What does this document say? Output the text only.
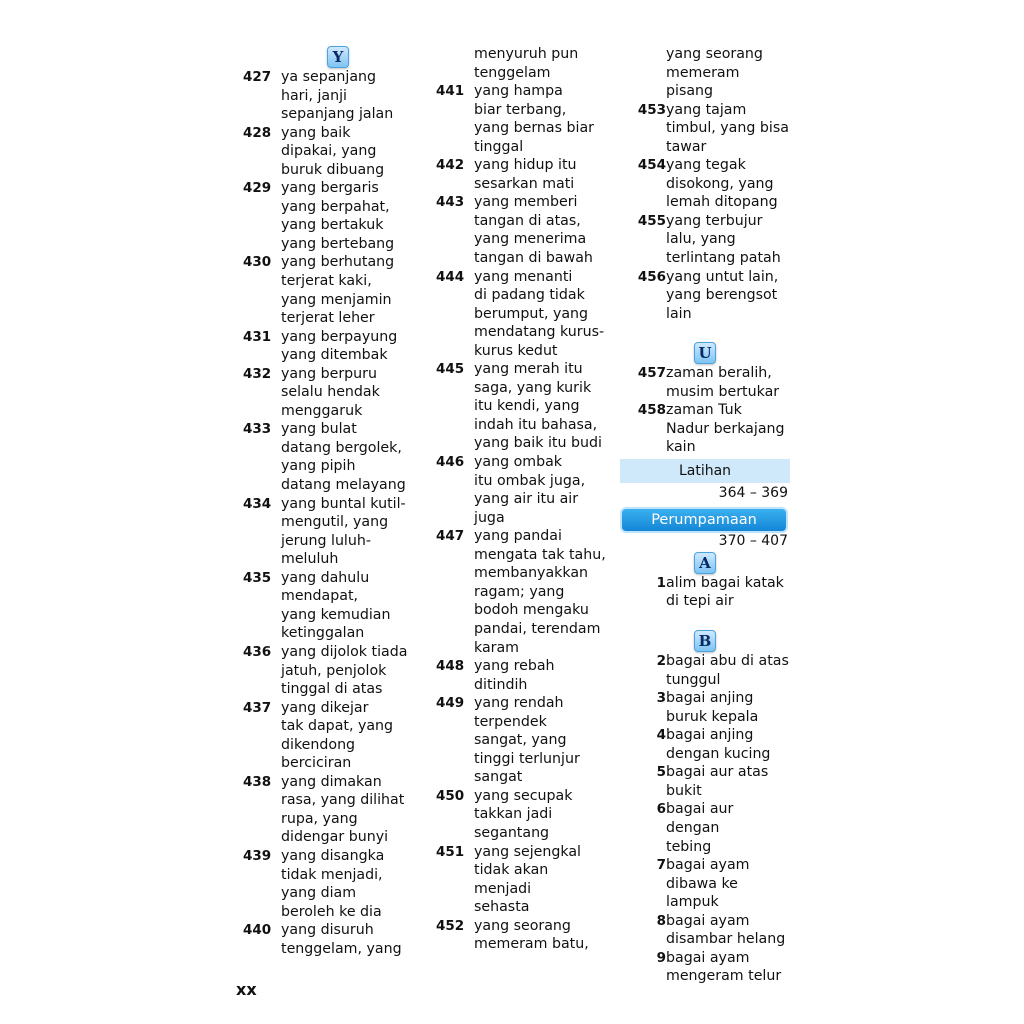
Y
427 ya sepanjang
hari, janji
sepanjang jalan
428 yang baik
dipakai, yang
buruk dibuang
429 yang bergaris
yang berpahat,
yang bertakuk
yang bertebang
430 yang berhutang
terjerat kaki,
yang menjamin
terjerat leher
431 yang berpayung
yang ditembak
432 yang berpuru
selalu hendak
menggaruk
433 yang bulat
datang bergolek,
yang pipih
datang melayang
434 yang buntal kutil-
mengutil, yang
jerung luluh-
meluluh
435 yang dahulu
mendapat,
yang kemudian
ketinggalan
436 yang dijolok tiada
jatuh, penjolok
tinggal di atas
437 yang dikejar
tak dapat, yang
dikendong
berciciran
438 yang dimakan
rasa, yang dilihat
rupa, yang
didengar bunyi
439 yang disangka
tidak menjadi,
yang diam
beroleh ke dia
440 yang disuruh
tenggelam, yang
menyuruh pun
tenggelam
441 yang hampa
biar terbang,
yang bernas biar
tinggal
442 yang hidup itu
sesarkan mati
443 yang memberi
tangan di atas,
yang menerima
tangan di bawah
444 yang menanti
di padang tidak
berumput, yang
mendatang kurus-
kurus kedut
445 yang merah itu
saga, yang kurik
itu kendi, yang
indah itu bahasa,
yang baik itu budi
446 yang ombak
itu ombak juga,
yang air itu air
juga
447 yang pandai
mengata tak tahu,
membanyakkan
ragam; yang
bodoh mengaku
pandai, terendam
karam
448 yang rebah
ditindih
449 yang rendah
terpendek
sangat, yang
tinggi terlunjur
sangat
450 yang secupak
takkan jadi
segantang
451 yang sejengkal
tidak akan
menjadi
sehasta
452 yang seorang
memeram batu,
yang seorang
memeram
pisang
453 yang tajam
timbul, yang bisa
tawar
454 yang tegak
disokong, yang
lemah ditopang
455 yang terbujur
lalu, yang
terlintang patah
456 yang untut lain,
yang berengsot
lain
U
457 zaman beralih,
musim bertukar
458 zaman Tuk
Nadur berkajang
kain
Latihan
364 – 369
Perumpamaan
370 – 407
A
1 alim bagai katak
di tepi air
B
2 bagai abu di atas
tunggul
3 bagai anjing
buruk kepala
4 bagai anjing
dengan kucing
5 bagai aur atas
bukit
6 bagai aur dengan
tebing
7 bagai ayam
dibawa ke
lampuk
8 bagai ayam
disambar helang
9 bagai ayam
mengeram telur
xx
